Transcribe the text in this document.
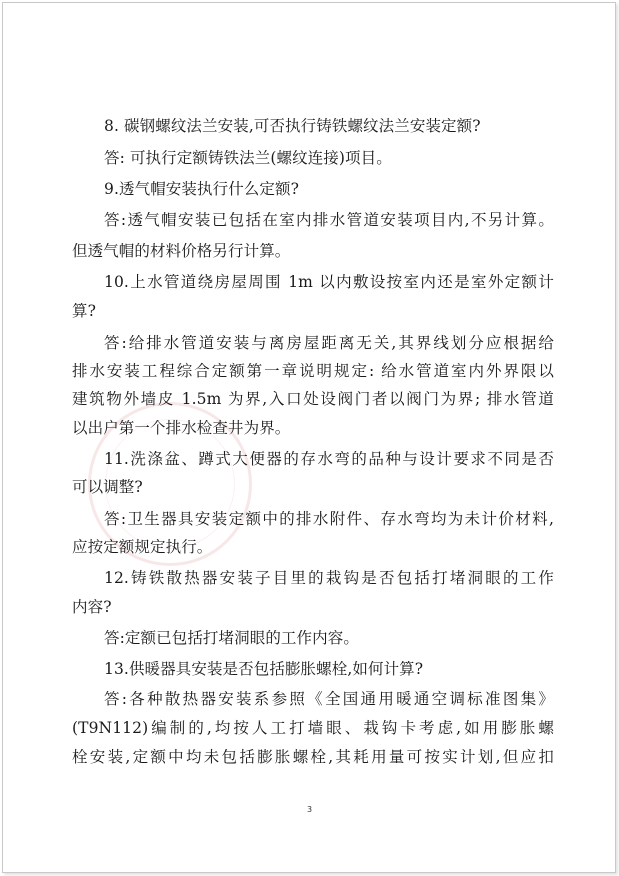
8. 碳钢螺纹法兰安装,可否执行铸铁螺纹法兰安装定额?
答: 可执行定额铸铁法兰(螺纹连接)项目。
9.透气帽安装执行什么定额?
答:透气帽安装已包括在室内排水管道安装项目内,不另计算。
但透气帽的材料价格另行计算。
10.上水管道绕房屋周围 1m 以内敷设按室内还是室外定额计
算?
答:给排水管道安装与离房屋距离无关,其界线划分应根据给
排水安装工程综合定额第一章说明规定: 给水管道室内外界限以
建筑物外墙皮 1.5m 为界,入口处设阀门者以阀门为界; 排水管道
以出户第一个排水检查井为界。
11.洗涤盆、蹲式大便器的存水弯的品种与设计要求不同是否
可以调整?
答:卫生器具安装定额中的排水附件、存水弯均为未计价材料,
应按定额规定执行。
12.铸铁散热器安装子目里的栽钩是否包括打堵洞眼的工作
内容?
答:定额已包括打堵洞眼的工作内容。
13.供暖器具安装是否包括膨胀螺栓,如何计算?
答:各种散热器安装系参照《全国通用暖通空调标准图集》
(T9N112)编制的,均按人工打墙眼、栽钩卡考虑,如用膨胀螺
栓安装,定额中均未包括膨胀螺栓,其耗用量可按实计划,但应扣
3
